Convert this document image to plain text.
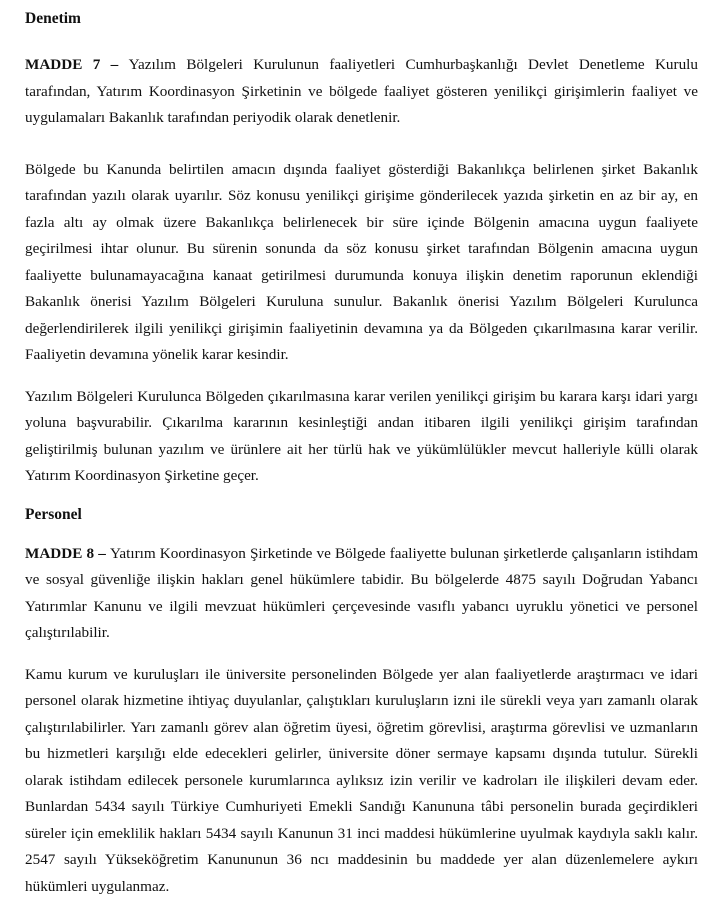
Denetim

MADDE 7 – Yazılım Bölgeleri Kurulunun faaliyetleri Cumhurbaşkanlığı Devlet Denetleme Kurulu tarafından, Yatırım Koordinasyon Şirketinin ve bölgede faaliyet gösteren yenilikçi girişimlerin faaliyet ve uygulamaları Bakanlık tarafından periyodik olarak denetlenir.

Bölgede bu Kanunda belirtilen amacın dışında faaliyet gösterdiği Bakanlıkça belirlenen şirket Bakanlık tarafından yazılı olarak uyarılır. Söz konusu yenilikçi girişime gönderilecek yazıda şirketin en az bir ay, en fazla altı ay olmak üzere Bakanlıkça belirlenecek bir süre içinde Bölgenin amacına uygun faaliyete geçirilmesi ihtar olunur. Bu sürenin sonunda da söz konusu şirket tarafından Bölgenin amacına uygun faaliyette bulunamayacağına kanaat getirilmesi durumunda konuya ilişkin denetim raporunun eklendiği Bakanlık önerisi Yazılım Bölgeleri Kuruluna sunulur. Bakanlık önerisi Yazılım Bölgeleri Kurulunca değerlendirilerek ilgili yenilikçi girişimin faaliyetinin devamına ya da Bölgeden çıkarılmasına karar verilir. Faaliyetin devamına yönelik karar kesindir.

Yazılım Bölgeleri Kurulunca Bölgeden çıkarılmasına karar verilen yenilikçi girişim bu karara karşı idari yargı yoluna başvurabilir. Çıkarılma kararının kesinleştiği andan itibaren ilgili yenilikçi girişim tarafından geliştirilmiş bulunan yazılım ve ürünlere ait her türlü hak ve yükümlülükler mevcut halleriyle külli olarak Yatırım Koordinasyon Şirketine geçer.

Personel

MADDE 8 – Yatırım Koordinasyon Şirketinde ve Bölgede faaliyette bulunan şirketlerde çalışanların istihdam ve sosyal güvenliğe ilişkin hakları genel hükümlere tabidir. Bu bölgelerde 4875 sayılı Doğrudan Yabancı Yatırımlar Kanunu ve ilgili mevzuat hükümleri çerçevesinde vasıflı yabancı uyruklu yönetici ve personel çalıştırılabilir.

Kamu kurum ve kuruluşları ile üniversite personelinden Bölgede yer alan faaliyetlerde araştırmacı ve idari personel olarak hizmetine ihtiyaç duyulanlar, çalıştıkları kuruluşların izni ile sürekli veya yarı zamanlı olarak çalıştırılabilirler. Yarı zamanlı görev alan öğretim üyesi, öğretim görevlisi, araştırma görevlisi ve uzmanların bu hizmetleri karşılığı elde edecekleri gelirler, üniversite döner sermaye kapsamı dışında tutulur. Sürekli olarak istihdam edilecek personele kurumlarınca aylıksız izin verilir ve kadroları ile ilişkileri devam eder. Bunlardan 5434 sayılı Türkiye Cumhuriyeti Emekli Sandığı Kanununa tâbi personelin burada geçirdikleri süreler için emeklilik hakları 5434 sayılı Kanunun 31 inci maddesi hükümlerine uyulmak kaydıyla saklı kalır. 2547 sayılı Yükseköğretim Kanununun 36 ncı maddesinin bu maddede yer alan düzenlemelere aykırı hükümleri uygulanmaz.
